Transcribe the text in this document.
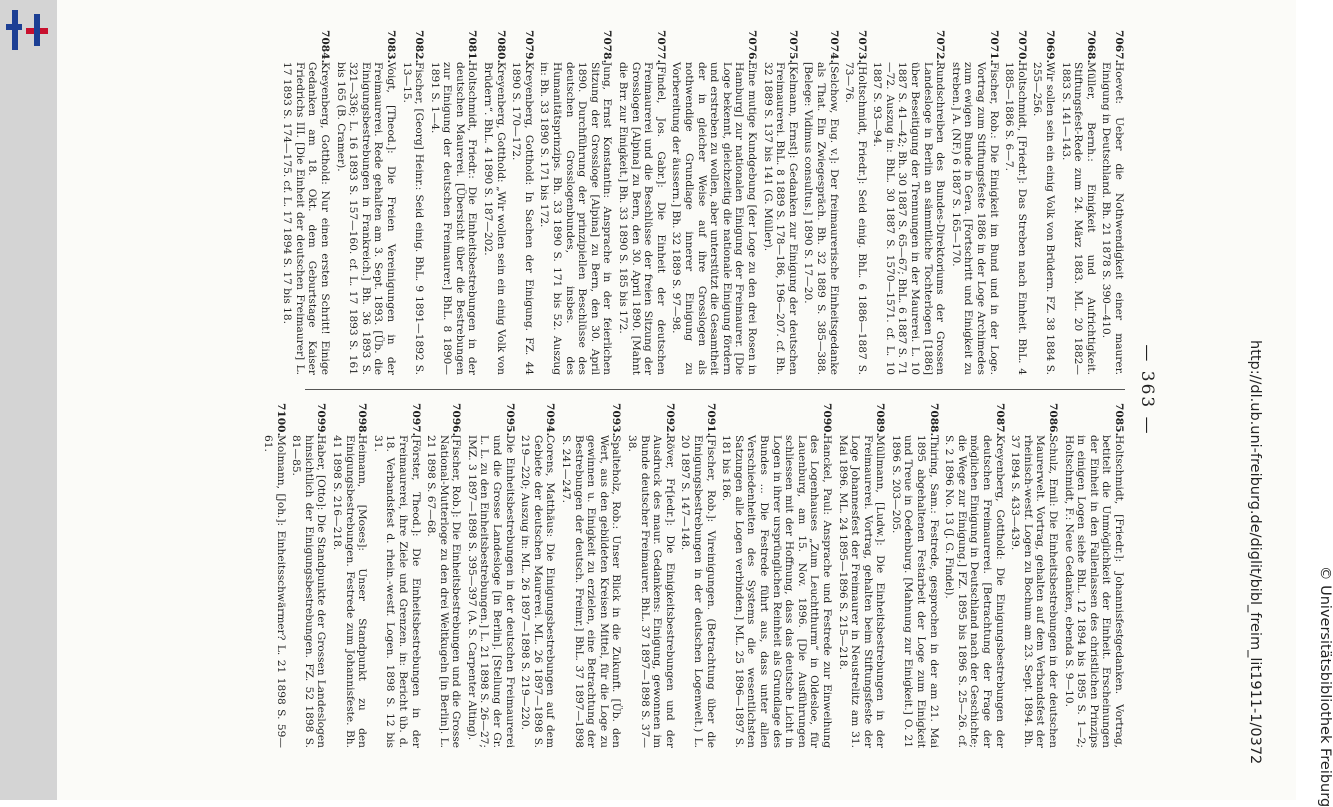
— 363 —
7067.
Hoevet: Ueber die Nothwendigkeit einer maurer. Einigung in Deutschland. Bh. 21 1878 S. 390—410.
7068.
Müller, Bernh.: Einigkeit und Aufrichtigkeit. Stiftungsfest-Rede zum 24. März 1883. ML. 20 1882—1883 S. 141—143.
7069.
Wir sollen sein ein einig Volk von Brüdern. FZ. 38 1884 S. 255—256.
7070.
Holtschmidt, [Friedr.]: Das Streben nach Einheit. BhL. 4 1885—1886 S. 6—7.
7071.
Fischer, Rob.: Die Einigkeit im Bund und in der Loge. Vortrag zum Stiftungsfeste 1886 in der Loge Archimedes zum ewigen Bunde in Gera. [Fortschritt und Einigkeit zu streben.] A. (NF.) 6 1887 S. 165—170.
7072.
Rundschreiben des Bundes-Direktoriums der Grossen Landesloge in Berlin an sämmtliche Tochterlogen [1886] über Beseitigung der Trennungen in der Maurerei. L. 10 1887 S. 41—42; Bh. 30 1887 S. 65—67; BhL. 6 1887 S. 71—72. Auszug in: BhL. 30 1887 S. 1570—1571. cf. L. 10 1887 S. 93—94.
7073.
[Holtschmidt, Friedr.]: Seid einig. BhL. 6 1886—1887 S. 73—76.
7074.
[Selchow, Eug. v.]: Der freimaurerische Einheitsgedanke als That. Ein Zwiegespräch. Bh. 32 1889 S. 385—388. [Belege: Vidimus consultus.] 1890 S. 17—20.
7075.
[Kelmann, Ernst]: Gedanken zur Einigung der deutschen Freimaurerei. BhL. 8 1889 S. 178—186, 196—207. cf. Bh. 32 1889 S. 137 bis 141 (G. Müller).
7076.
Eine mutige Kundgebung [der Loge zu den drei Rosen in Hamburg] zur nationalen Einigung der Freimaurer. [Die Loge bekennt, gleichzeitig die nationale Einigung fördern und erstreben zu wollen, aber unterstützt die Gesamtheit der in gleicher Weise auf ihre Grosslogen als nothwendige Grundlage innerer Einigung zu Vorbereitung der äussern.] Bh. 32 1889 S. 97—98.
7077.
[Findel, Jos. Gabr.]: Die Einheit der deutschen Freimaurerei und die Beschlüsse der freien Sitzung der Grosslogen [Alpina] zu Bern, den 30. April 1890. [Mahnt die Brr. zur Einigkeit.] Bh. 33 1890 S. 185 bis 172.
7078.
Jung, Ernst Konstantin: Ansprache in der feierlichen Sitzung der Grossloge [Alpina] zu Bern, den 30. April 1890. Durchführung der prinzipiellen Beschlüsse des deutschen Grosslogenbundes, insbes. des Humanitätsprinzips. Bh. 33 1890 S. 171 bis 52. Auszug in: Bh. 33 1890 S. 171 bis 172.
7079.
Kreyenberg, Gotthold: In Sachen der Einigung. FZ. 44 1890 S. 170—172.
7080.
Kreyenberg, Gotthold: „Wir wollen sein ein einig Volk von Brüdern“. BhL. 4 1890 S. 187—202.
7081.
Holtschmidt, Friedr.: Die Einheitsbestrebungen in der deutschen Maurerei. [Übersicht über die Bestrebungen zur Einigung der deutschen Freimaurer.] BhL. 8 1890—1891 S. 1—4.
7082.
Fischer, [Georg] Heinr.: Seid einig. BhL. 9 1891—1892 S. 13—15.
7083.
Voigt, [Theod.]: Die Freien Vereinigungen in der Freimaurerei. Rede gehalten am 3. Sept. 1893. [Üb. die Einigungsbestrebungen in Frankreich.] Bh. 36 1893 S. 321—336; L. 16 1893 S. 157—160. cf. L. 17 1893 S. 161 bis 165 (B. Cramer).
7084.
Kreyenberg, Gotthold: Nur einen ersten Schritt! Einige Gedanken am 18. Okt. dem Geburtstage Kaiser Friedrichs III. [Die Einheit der deutschen Freimaurer] L. 17 1893 S. 174—175. cf. L. 17 1894 S. 17 bis 18.
7085.
Holtschmidt, [Friedr.]: Johannisfestgedanken. Vortrag, betitelt die Unmöglichkeit der Einheit. Erscheinungen der Einheit in den Fallenlassen des christlichen Prinzips in einigen Logen siehe BhL. 12 1894 bis 1895 S. 1—2; Holtschmidt, F.: Neue Gedanken, ebenda S. 9—10.
7086.
Schulz, Emil: Die Einheitsbestrebungen in der deutschen Maurerwelt. Vortrag, gehalten auf dem Verbandsfest der rheinisch-westf. Logen zu Bochum am 23. Sept. 1894. Bh. 37 1894 S. 433—439.
7087.
Kreyenberg, Gotthold: Die Einigungsbestrebungen der deutschen Freimaurerei. [Betrachtung der Frage der möglichen Einigung in Deutschland nach der Geschichte; die Wege zur Einigung.] FZ. 1895 bis 1896 S. 25—26. cf. S. 2 1896 No. 13 (J. G. Findel).
7088.
Thiring, Sam.: Festrede, gesprochen in der am 21. Mai 1895 abgehaltenen Festarbeit der Loge zum Einigkeit und Treue in Oedenburg. [Mahnung zur Einigkeit.] O. 21 1896 S. 203—205.
7089.
Müllmann, [Ludw.]: Die Einheitsbestrebungen in der Freimaurerei. Vortrag, gehalten beim Stiftungsfeste der Loge Johannesfest der Freimaurer in Neustrelitz am 31. Mai 1896. ML. 24 1895—1896 S. 215—218.
7090.
Hanckel, Paul: Ansprache und Festrede zur Einweihung des Logenhauses „Zum Leuchtthurm“ in Oldesloe, für Lauenburg, am 15. Nov. 1896. [Die Ausführungen schliessen mit der Hoffnung, dass das deutsche Licht in Logen in ihrer ursprünglichen Reinheit als Grundlage des Bundes ... Die Festrede führt aus, dass unter allen Verschiedenheiten des Systems die wesentlichsten Satzungen alle Logen verbinden.] ML. 25 1896—1897 S. 181 bis 186.
7091.
[Fischer, Rob.]: Vireinigungen. (Betrachtung über die Einigungsbestrebungen in der deutschen Logenwelt.) L. 20 1897 S. 147—148.
7092.
Röver, Fr[iedr.]: Die Einigkeitsbestrebungen und der Ausdruck des maur. Gedankens: Einigung, gewonnen im Bunde deutscher Freimaurer. BhL. 37 1897—1898 S. 37—38.
7093.
Spalteholz, Rob.: Unser Blick in die Zukunft. [Üb. den Wert, aus den gebildeten Kreisen Mittel, für die Loge zu gewinnen u. Einigkeit zu erzielen, eine Betrachtung der Bestrebungen der deutsch. Freimr.] BhL. 37 1897—1898 S. 241—247.
7094.
Corens, Matthäus: Die Einigungsbestrebungen auf dem Gebiete der deutschen Maurerei. ML. 26 1897—1898 S. 219—220; Auszug in: ML. 26 1897—1898 S. 219—220.
7095.
Die Einheitsbestrebungen in der deutschen Freimaurerei und die Grosse Landesloge [in Berlin]. [Stellung der Gr. L. L. zu den Einheitsbestrebungen.] L. 21 1898 S. 26—27; IMZ. 3 1897—1898 S. 395—397 (A. S. Carpenter Alting).
7096.
[Fischer, Rob.]: Die Einheitsbestrebungen und die Grosse National-Mutterloge zu den drei Weltkugeln [in Berlin]. L. 21 1898 S. 67—68.
7097.
[Förster, Theod.]: Die Einheitsbestrebungen in der Freimaurerei, ihre Ziele und Grenzen. in: Bericht üb. d. 18. Verbandsfest d. rhein.-westf. Logen. 1898 S. 12 bis 31.
7098.
Heimann, [Moses]: Unser Standpunkt zu den Einigungsbestrebungen. Festrede zum Johannisfeste. Bh. 41 1898 S. 216—218.
7099.
Haber, [Otto]: Die Standpunkte der Grossen Landeslogen hinsichtlich der Einigungsbestrebungen. FZ. 52 1898 S. 81—85.
7100.
Molmann, [Joh.]: Einheitsschwärmer? L. 21 1898 S. 59—61.	http://dl.ub.uni-freiburg.de/diglit/bibl_freim_lit1911-1/0372	© Universitätsbibliothek Freiburg
